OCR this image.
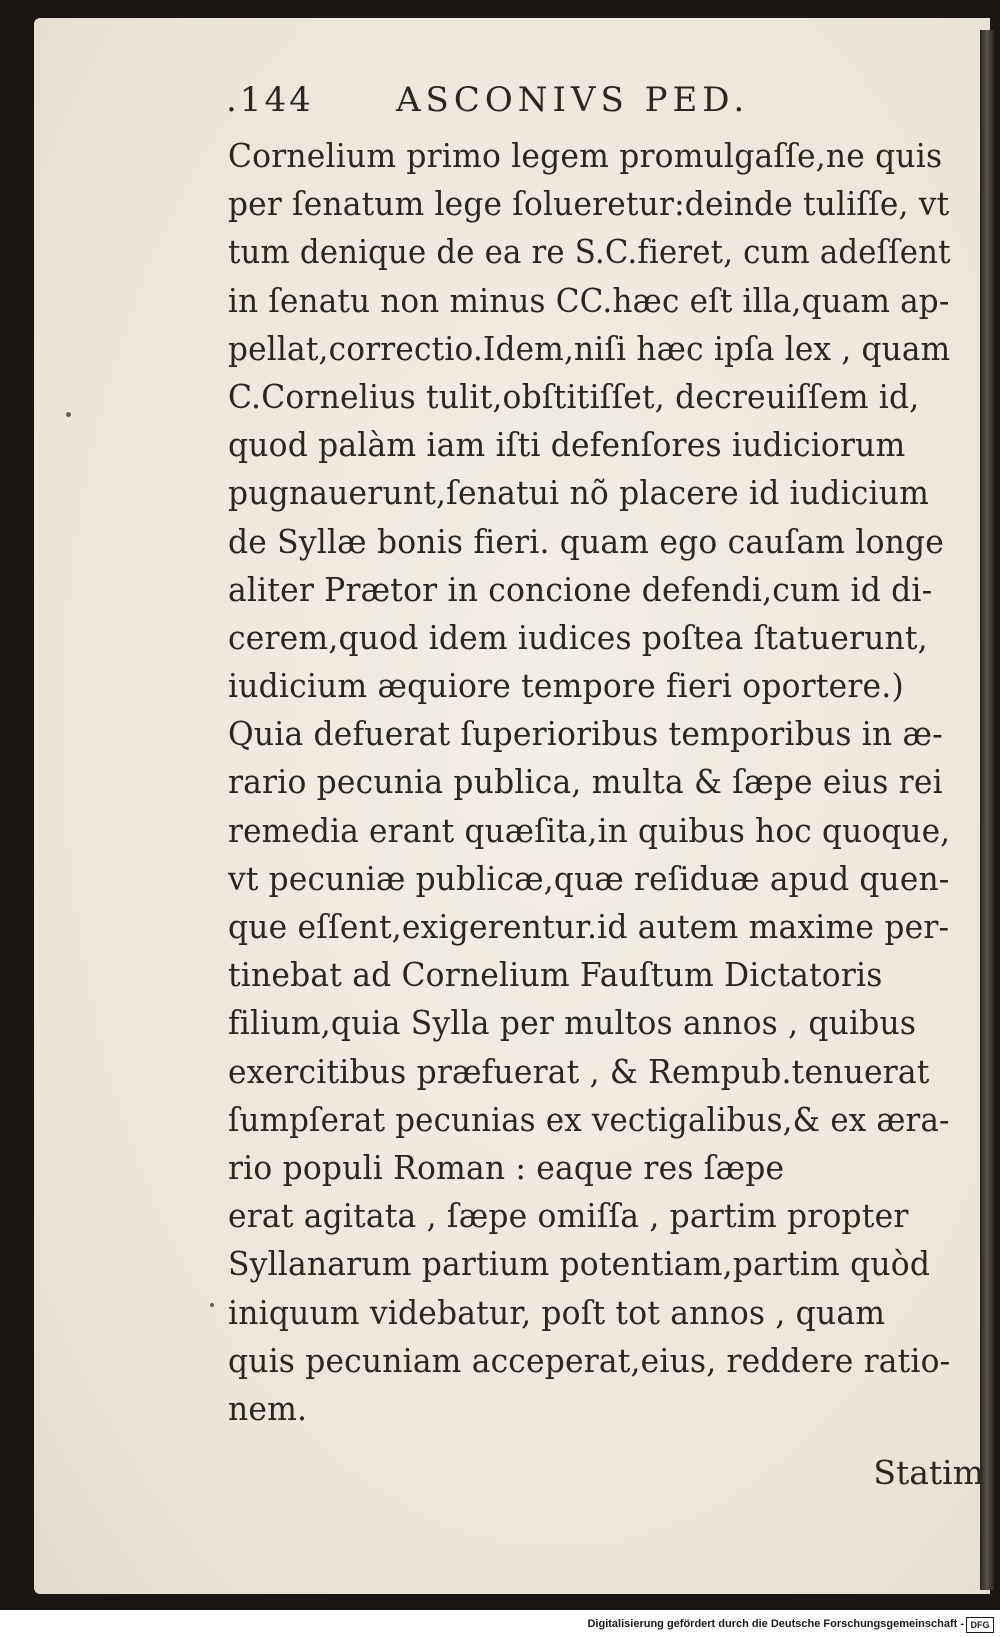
.144	ASCONIVS PED.
Cornelium primo legem promulgaſſe,ne quis
per ſenatum lege ſolueretur:deinde tuliſſe, vt
tum denique de ea re S.C.fieret, cum adeſſent
in ſenatu non minus CC.hæc eſt illa,quam ap-
pellat,correctio.Idem,niſi hæc ipſa lex , quam
C.Cornelius tulit,obſtitiſſet, decreuiſſem id,
quod palàm iam iſti defenſores iudiciorum
pugnauerunt,ſenatui nõ placere id iudicium
de Syllæ bonis fieri. quam ego cauſam longe
aliter Prætor in concione defendi,cum id di-
cerem,quod idem iudices poſtea ſtatuerunt,
iudicium æquiore tempore fieri oportere.)
Quia defuerat ſuperioribus temporibus in æ-
rario pecunia publica, multa & ſæpe eius rei
remedia erant quæſita,in quibus hoc quoque,
vt pecuniæ publicæ,quæ reſiduæ apud quen-
que eſſent,exigerentur.id autem maxime per-
tinebat ad Cornelium Fauſtum Dictatoris
filium,quia Sylla per multos annos , quibus
exercitibus præfuerat , & Rempub.tenuerat
ſumpſerat pecunias ex vectigalibus,& ex æra-
rio populi Roman : eaque res ſæpe
erat agitata , ſæpe omiſſa , partim propter
Syllanarum partium potentiam,partim quòd
iniquum videbatur, poſt tot annos , quam
quis pecuniam acceperat,eius, reddere ratio-
nem.
Statim
Digitalisierung gefördert durch die Deutsche Forschungsgemeinschaft - DFG
